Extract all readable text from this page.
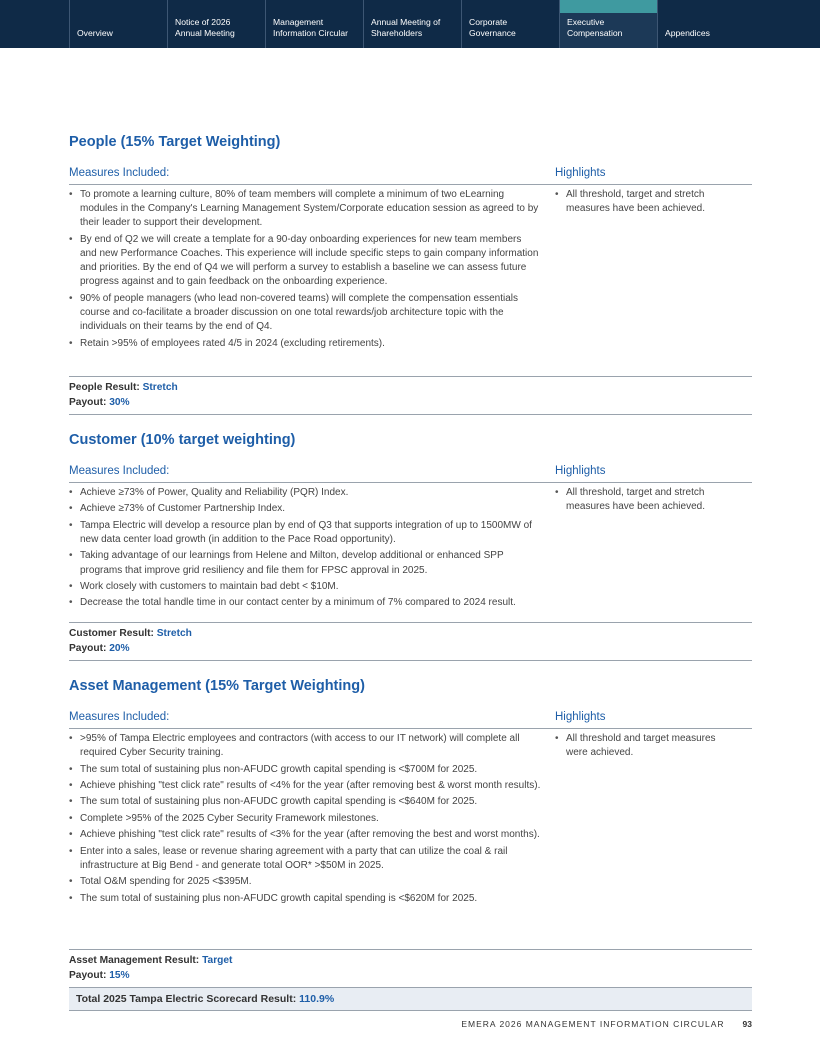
Overview
Notice of 2026
Annual Meeting
Management
Information Circular
Annual Meeting of
Shareholders
Corporate
Governance
Executive
Compensation	Appendices
People (15% Target Weighting)
Measures Included:	Highlights
• To promote a learning culture, 80% of team members will complete a minimum of two eLearning modules in the Company's Learning Management System/Corporate education session as agreed to by their leader to support their development.
• By end of Q2 we will create a template for a 90-day onboarding experiences for new team members and new Performance Coaches. This experience will include specific steps to gain company information and priorities. By the end of Q4 we will perform a survey to establish a baseline we can assess future progress against and to gain feedback on the onboarding experience.
• 90% of people managers (who lead non-covered teams) will complete the compensation essentials course and co-facilitate a broader discussion on one total rewards/job architecture topic with the individuals on their teams by the end of Q4.
• Retain >95% of employees rated 4/5 in 2024 (excluding retirements).
• All threshold, target and stretch measures have been achieved.
People Result: Stretch
Payout: 30%
Customer (10% target weighting)
Measures Included:	Highlights
• Achieve ≥73% of Power, Quality and Reliability (PQR) Index.
• Achieve ≥73% of Customer Partnership Index.
• Tampa Electric will develop a resource plan by end of Q3 that supports integration of up to 1500MW of new data center load growth (in addition to the Pace Road opportunity).
• Taking advantage of our learnings from Helene and Milton, develop additional or enhanced SPP programs that improve grid resiliency and file them for FPSC approval in 2025.
• Work closely with customers to maintain bad debt < $10M.
• Decrease the total handle time in our contact center by a minimum of 7% compared to 2024 result.
• All threshold, target and stretch measures have been achieved.
Customer Result: Stretch
Payout: 20%
Asset Management (15% Target Weighting)
Measures Included:	Highlights
• >95% of Tampa Electric employees and contractors (with access to our IT network) will complete all required Cyber Security training.
• The sum total of sustaining plus non-AFUDC growth capital spending is <$700M for 2025.
• Achieve phishing "test click rate" results of <4% for the year (after removing best & worst month results).
• The sum total of sustaining plus non-AFUDC growth capital spending is <$640M for 2025.
• Complete >95% of the 2025 Cyber Security Framework milestones.
• Achieve phishing "test click rate" results of <3% for the year (after removing the best and worst months).
• Enter into a sales, lease or revenue sharing agreement with a party that can utilize the coal & rail infrastructure at Big Bend - and generate total OOR* >$50M in 2025.
• Total O&M spending for 2025 <$395M.
• The sum total of sustaining plus non-AFUDC growth capital spending is <$620M for 2025.
• All threshold and target measures were achieved.
Asset Management Result: Target
Payout: 15%
Total 2025 Tampa Electric Scorecard Result: 110.9%
EMERA 2026 MANAGEMENT INFORMATION CIRCULAR 93
